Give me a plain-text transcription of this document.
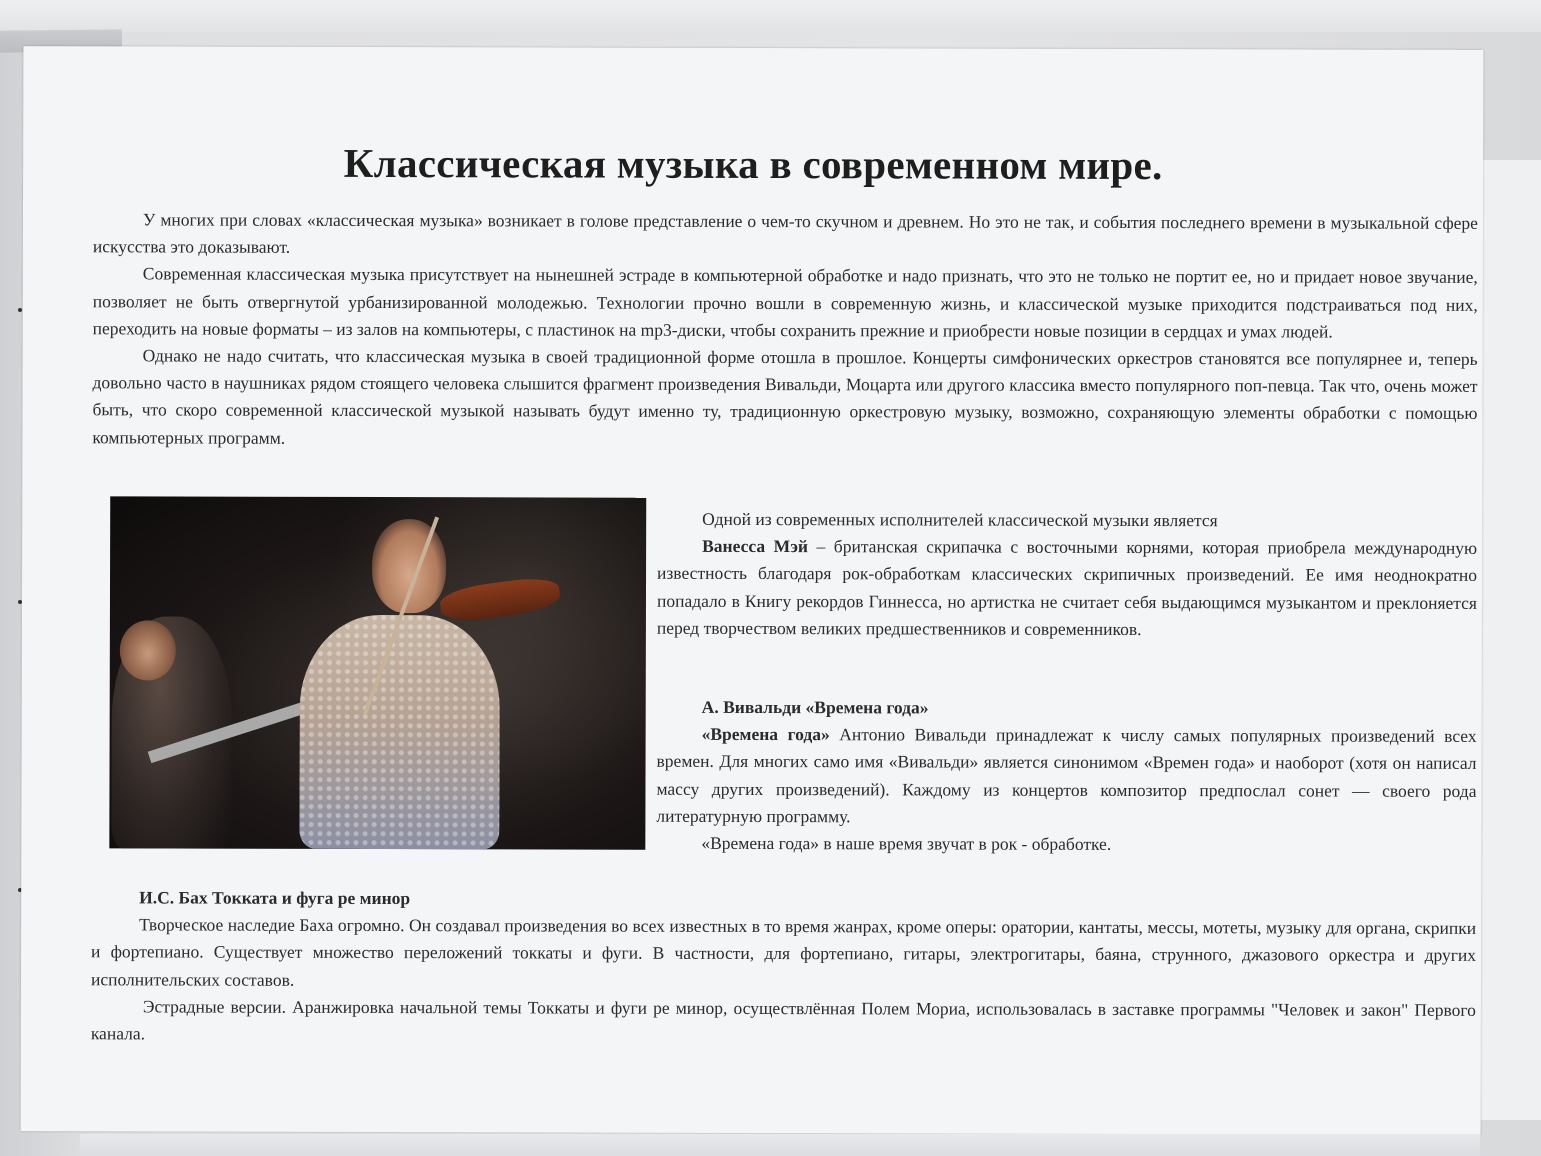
Классическая музыка в современном мире.

У многих при словах «классическая музыка» возникает в голове представление о чем-то скучном и древнем. Но это не так, и события последнего времени в музыкальной сфере искусства это доказывают.

Современная классическая музыка присутствует на нынешней эстраде в компьютерной обработке и надо признать, что это не только не портит ее, но и придает новое звучание, позволяет не быть отвергнутой урбанизированной молодежью. Технологии прочно вошли в современную жизнь, и классической музыке приходится подстраиваться под них, переходить на новые форматы – из залов на компьютеры, с пластинок на mp3-диски, чтобы сохранить прежние и приобрести новые позиции в сердцах и умах людей.

Однако не надо считать, что классическая музыка в своей традиционной форме отошла в прошлое. Концерты симфонических оркестров становятся все популярнее и, теперь довольно часто в наушниках рядом стоящего человека слышится фрагмент произведения Вивальди, Моцарта или другого классика вместо популярного поп-певца. Так что, очень может быть, что скоро современной классической музыкой называть будут именно ту, традиционную оркестровую музыку, возможно, сохраняющую элементы обработки с помощью компьютерных программ.

Одной из современных исполнителей классической музыки является

Ванесса Мэй – британская скрипачка с восточными корнями, которая приобрела международную известность благодаря рок-обработкам классических скрипичных произведений. Ее имя неоднократно попадало в Книгу рекордов Гиннесса, но артистка не считает себя выдающимся музыкантом и преклоняется перед творчеством великих предшественников и современников.

А. Вивальди «Времена года»

«Времена года» Антонио Вивальди принадлежат к числу самых популярных произведений всех времен. Для многих само имя «Вивальди» является синонимом «Времен года» и наоборот (хотя он написал массу других произведений). Каждому из концертов композитор предпослал сонет — своего рода литературную программу.

«Времена года» в наше время звучат в рок - обработке.

И.С. Бах Токката и фуга ре минор

Творческое наследие Баха огромно. Он создавал произведения во всех известных в то время жанрах, кроме оперы: оратории, кантаты, мессы, мотеты, музыку для органа, скрипки и фортепиано. Существует множество переложений токкаты и фуги. В частности, для фортепиано, гитары, электрогитары, баяна, струнного, джазового оркестра и других исполнительских составов.

Эстрадные версии. Аранжировка начальной темы Токкаты и фуги ре минор, осуществлённая Полем Мориа, использовалась в заставке программы "Человек и закон" Первого канала.
